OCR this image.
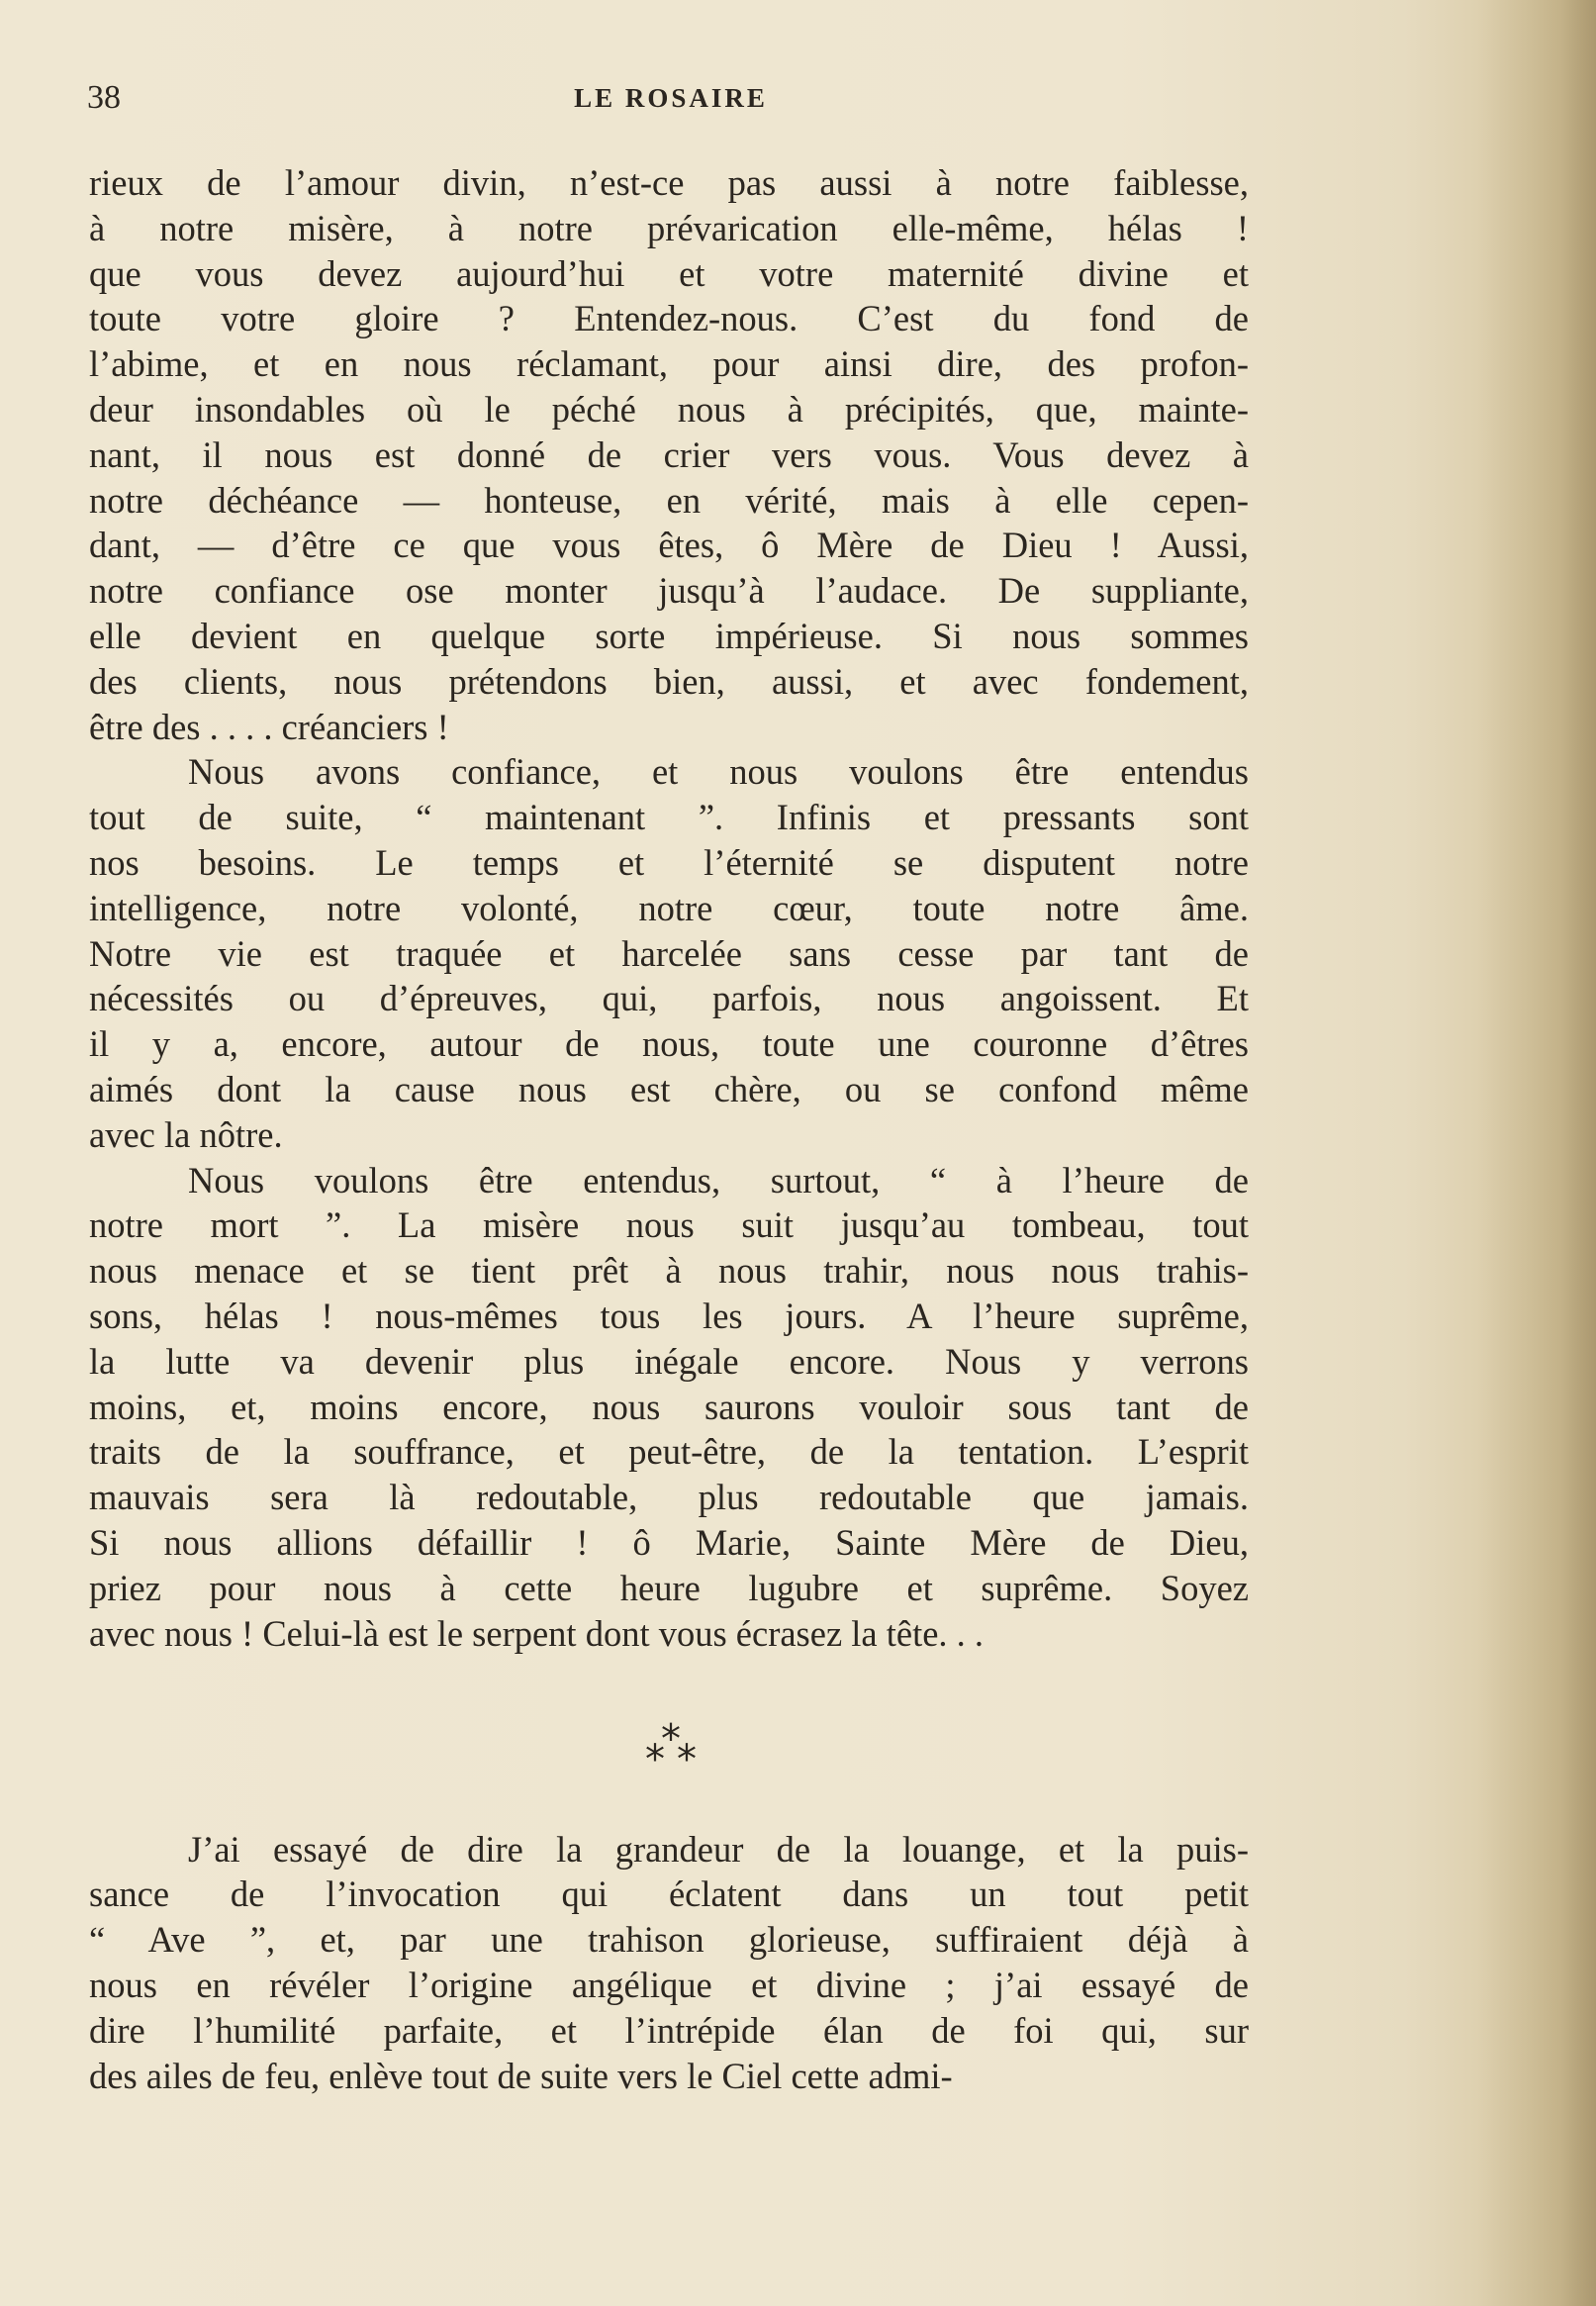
38	LE ROSAIRE

rieux de l’amour divin, n’est-ce pas aussi à notre faiblesse,
à notre misère, à notre prévarication elle-même, hélas !
que vous devez aujourd’hui et votre maternité divine et
toute votre gloire ? Entendez-nous. C’est du fond de
l’abime, et en nous réclamant, pour ainsi dire, des profon-
deur insondables où le péché nous à précipités, que, mainte-
nant, il nous est donné de crier vers vous. Vous devez à
notre déchéance — honteuse, en vérité, mais à elle cepen-
dant, — d’être ce que vous êtes, ô Mère de Dieu ! Aussi,
notre confiance ose monter jusqu’à l’audace. De suppliante,
elle devient en quelque sorte impérieuse. Si nous sommes
des clients, nous prétendons bien, aussi, et avec fondement,
être des . . . . créanciers !

Nous avons confiance, et nous voulons être entendus
tout de suite, “ maintenant ”. Infinis et pressants sont
nos besoins. Le temps et l’éternité se disputent notre
intelligence, notre volonté, notre cœur, toute notre âme.
Notre vie est traquée et harcelée sans cesse par tant de
nécessités ou d’épreuves, qui, parfois, nous angoissent. Et
il y a, encore, autour de nous, toute une couronne d’êtres
aimés dont la cause nous est chère, ou se confond même
avec la nôtre.

Nous voulons être entendus, surtout, “ à l’heure de
notre mort ”. La misère nous suit jusqu’au tombeau, tout
nous menace et se tient prêt à nous trahir, nous nous trahis-
sons, hélas ! nous-mêmes tous les jours. A l’heure suprême,
la lutte va devenir plus inégale encore. Nous y verrons
moins, et, moins encore, nous saurons vouloir sous tant de
traits de la souffrance, et peut-être, de la tentation. L’esprit
mauvais sera là redoutable, plus redoutable que jamais.
Si nous allions défaillir ! ô Marie, Sainte Mère de Dieu,
priez pour nous à cette heure lugubre et suprême. Soyez
avec nous ! Celui-là est le serpent dont vous écrasez la tête. . .

⁎⁎⁎

J’ai essayé de dire la grandeur de la louange, et la puis-
sance de l’invocation qui éclatent dans un tout petit
“ Ave ”, et, par une trahison glorieuse, suffiraient déjà à
nous en révéler l’origine angélique et divine ; j’ai essayé de
dire l’humilité parfaite, et l’intrépide élan de foi qui, sur
des ailes de feu, enlève tout de suite vers le Ciel cette admi-
